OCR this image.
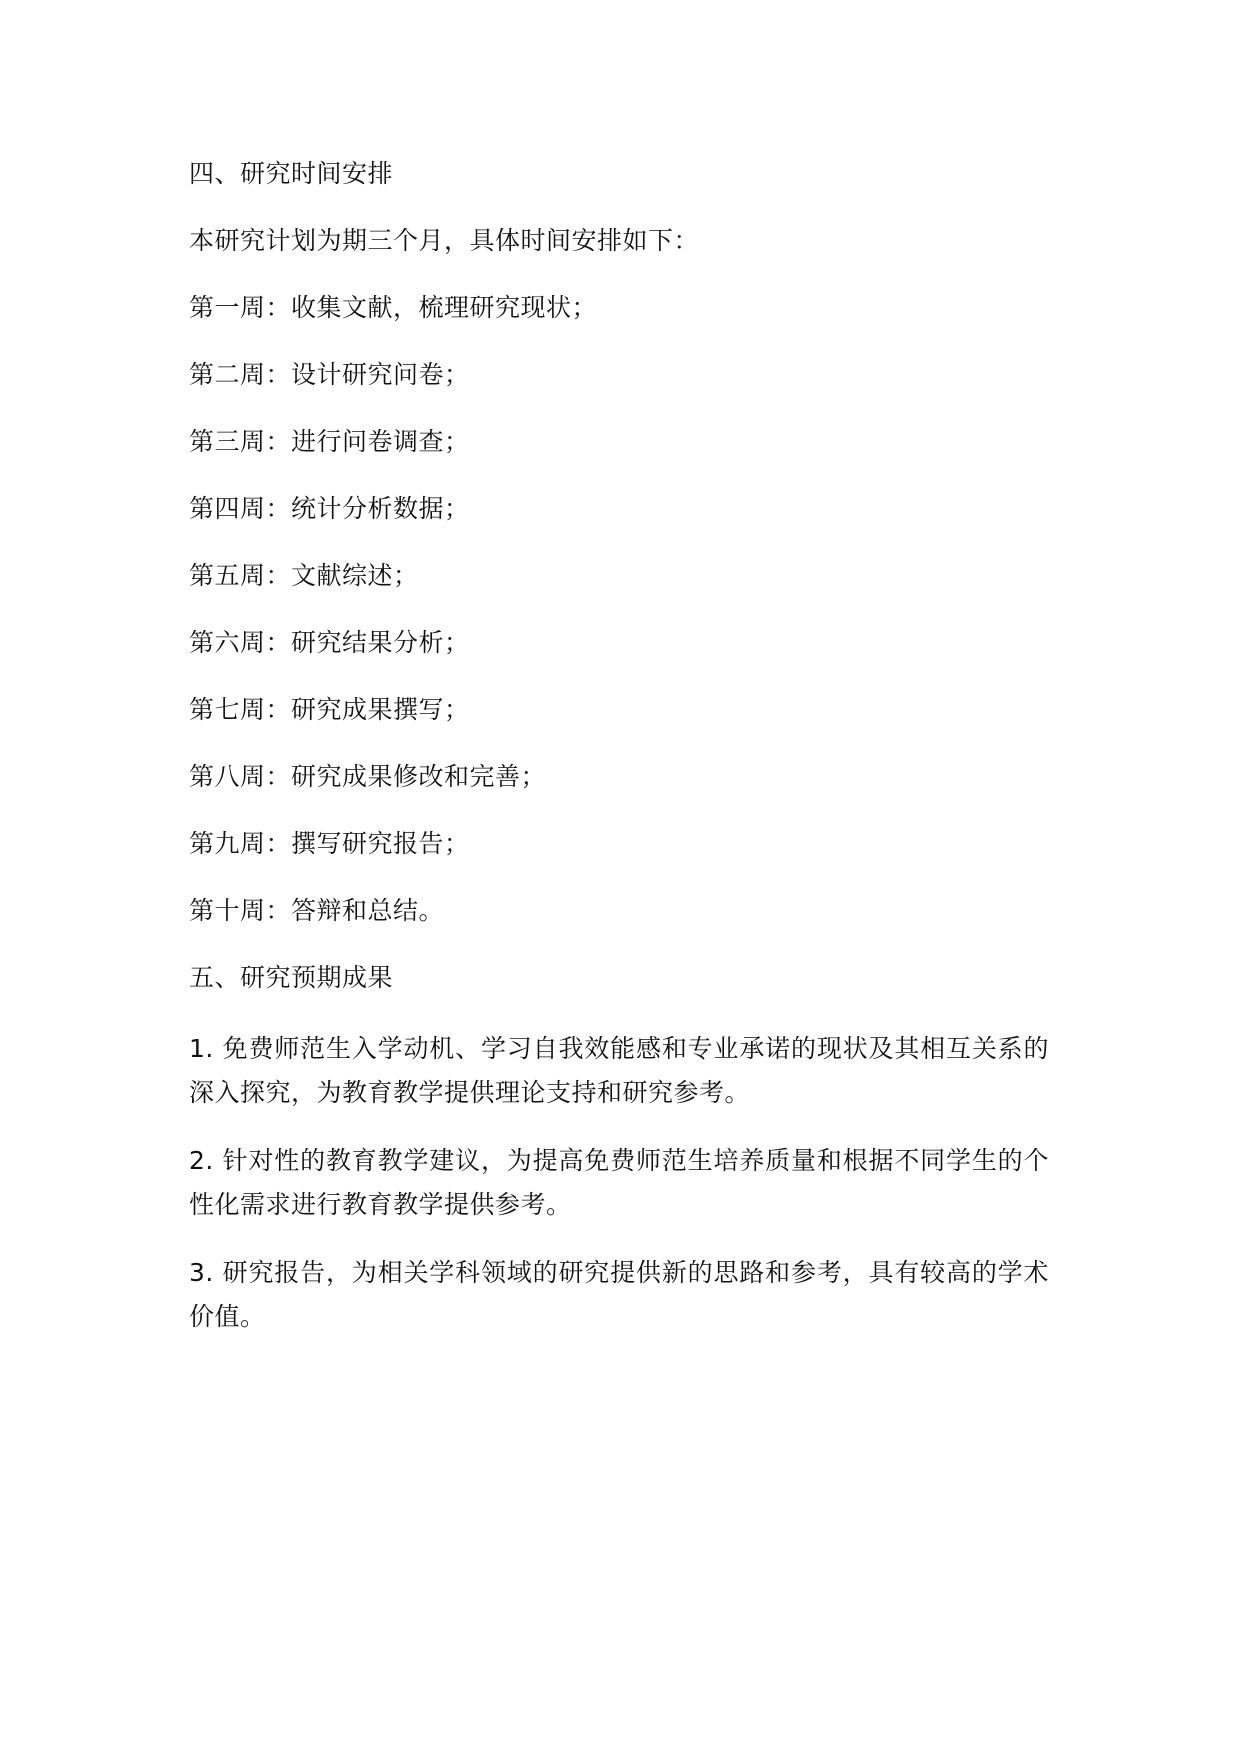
四、研究时间安排
本研究计划为期三个月，具体时间安排如下：
第一周：收集文献，梳理研究现状；
第二周：设计研究问卷；
第三周：进行问卷调查；
第四周：统计分析数据；
第五周：文献综述；
第六周：研究结果分析；
第七周：研究成果撰写；
第八周：研究成果修改和完善；
第九周：撰写研究报告；
第十周：答辩和总结。
五、研究预期成果
1. 免费师范生入学动机、学习自我效能感和专业承诺的现状及其相互关系的深入探究，为教育教学提供理论支持和研究参考。
2. 针对性的教育教学建议，为提高免费师范生培养质量和根据不同学生的个性化需求进行教育教学提供参考。
3. 研究报告，为相关学科领域的研究提供新的思路和参考，具有较高的学术价值。
